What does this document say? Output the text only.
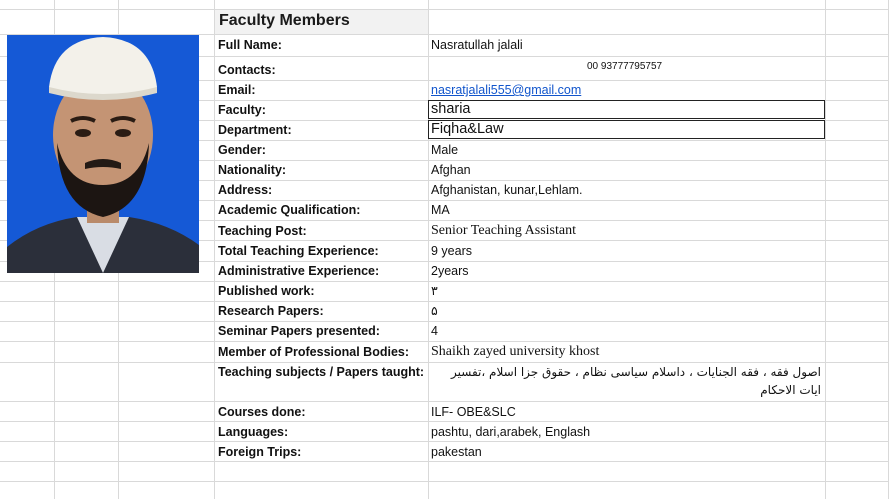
Faculty Members
Full Name:
Contacts:
Email:
Faculty:
Department:
Gender:
Nationality:
Address:
Academic Qualification:
Teaching Post:
Total Teaching Experience:
Administrative Experience:
Published work:
Research Papers:
Seminar Papers presented:
Member of Professional Bodies:
Teaching subjects / Papers taught:
Courses done:
Languages:
Foreign Trips:
Nasratullah jalali
00 93777795757
nasratjalali555@gmail.com
sharia
Fiqha&Law
Male
Afghan
Afghanistan, kunar,Lehlam.
MA
Senior Teaching Assistant
9 years
2years
۳
۵
4
Shaikh zayed university khost
اصول فقه ، فقه الجنايات ، داسلام سیاسی نظام ، حقوق جزا اسلام ،تفسیر ایات الاحکام
ILF- OBE&SLC
pashtu, dari,arabek, Englash
pakestan
